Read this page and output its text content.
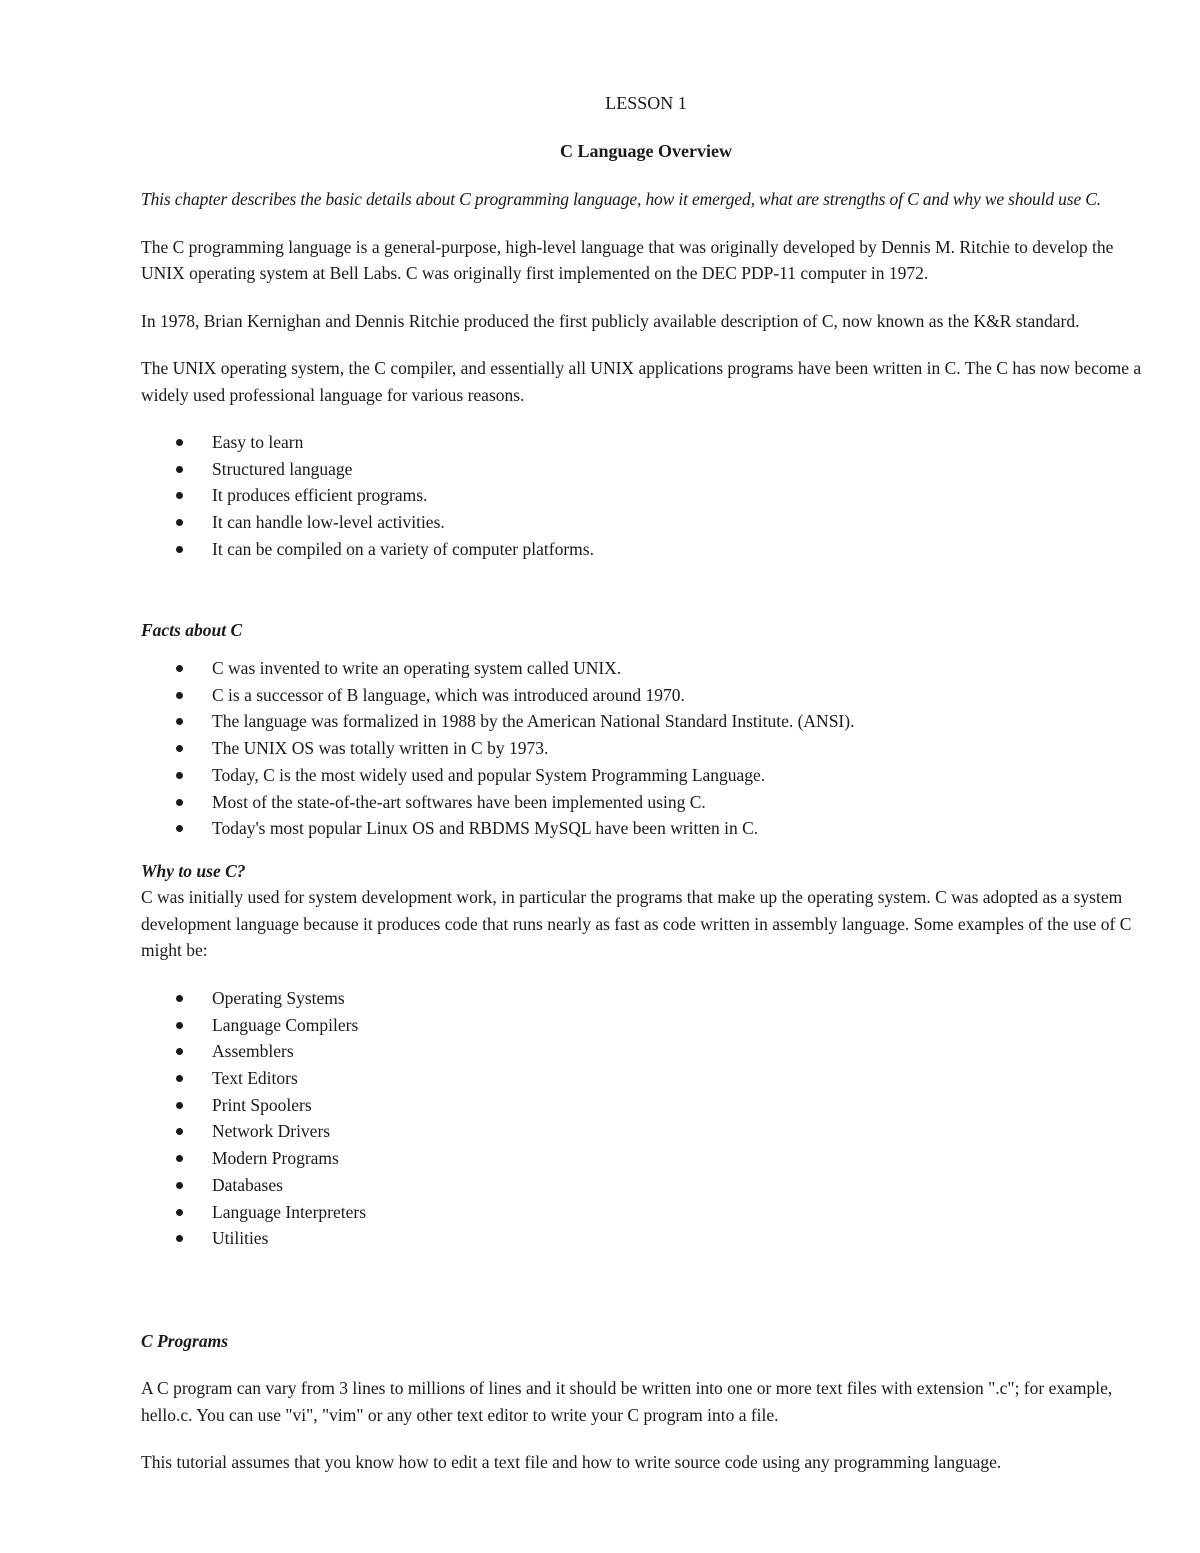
LESSON 1
C Language Overview
This chapter describes the basic details about C programming language, how it emerged, what are strengths of C and why we should use C.

The C programming language is a general-purpose, high-level language that was originally developed by Dennis M. Ritchie to develop the UNIX operating system at Bell Labs. C was originally first implemented on the DEC PDP-11 computer in 1972.

In 1978, Brian Kernighan and Dennis Ritchie produced the first publicly available description of C, now known as the K&R standard.

The UNIX operating system, the C compiler, and essentially all UNIX applications programs have been written in C. The C has now become a widely used professional language for various reasons.

Easy to learn
Structured language
It produces efficient programs.
It can handle low-level activities.
It can be compiled on a variety of computer platforms.
Facts about C
C was invented to write an operating system called UNIX.
C is a successor of B language, which was introduced around 1970.
The language was formalized in 1988 by the American National Standard Institute. (ANSI).
The UNIX OS was totally written in C by 1973.
Today, C is the most widely used and popular System Programming Language.
Most of the state-of-the-art softwares have been implemented using C.
Today's most popular Linux OS and RBDMS MySQL have been written in C.
Why to use C?

C was initially used for system development work, in particular the programs that make up the operating system. C was adopted as a system development language because it produces code that runs nearly as fast as code written in assembly language. Some examples of the use of C might be:

Operating Systems
Language Compilers
Assemblers
Text Editors
Print Spoolers
Network Drivers
Modern Programs
Databases
Language Interpreters
Utilities
C Programs

A C program can vary from 3 lines to millions of lines and it should be written into one or more text files with extension ".c"; for example, hello.c. You can use "vi", "vim" or any other text editor to write your C program into a file.

This tutorial assumes that you know how to edit a text file and how to write source code using any programming language.
